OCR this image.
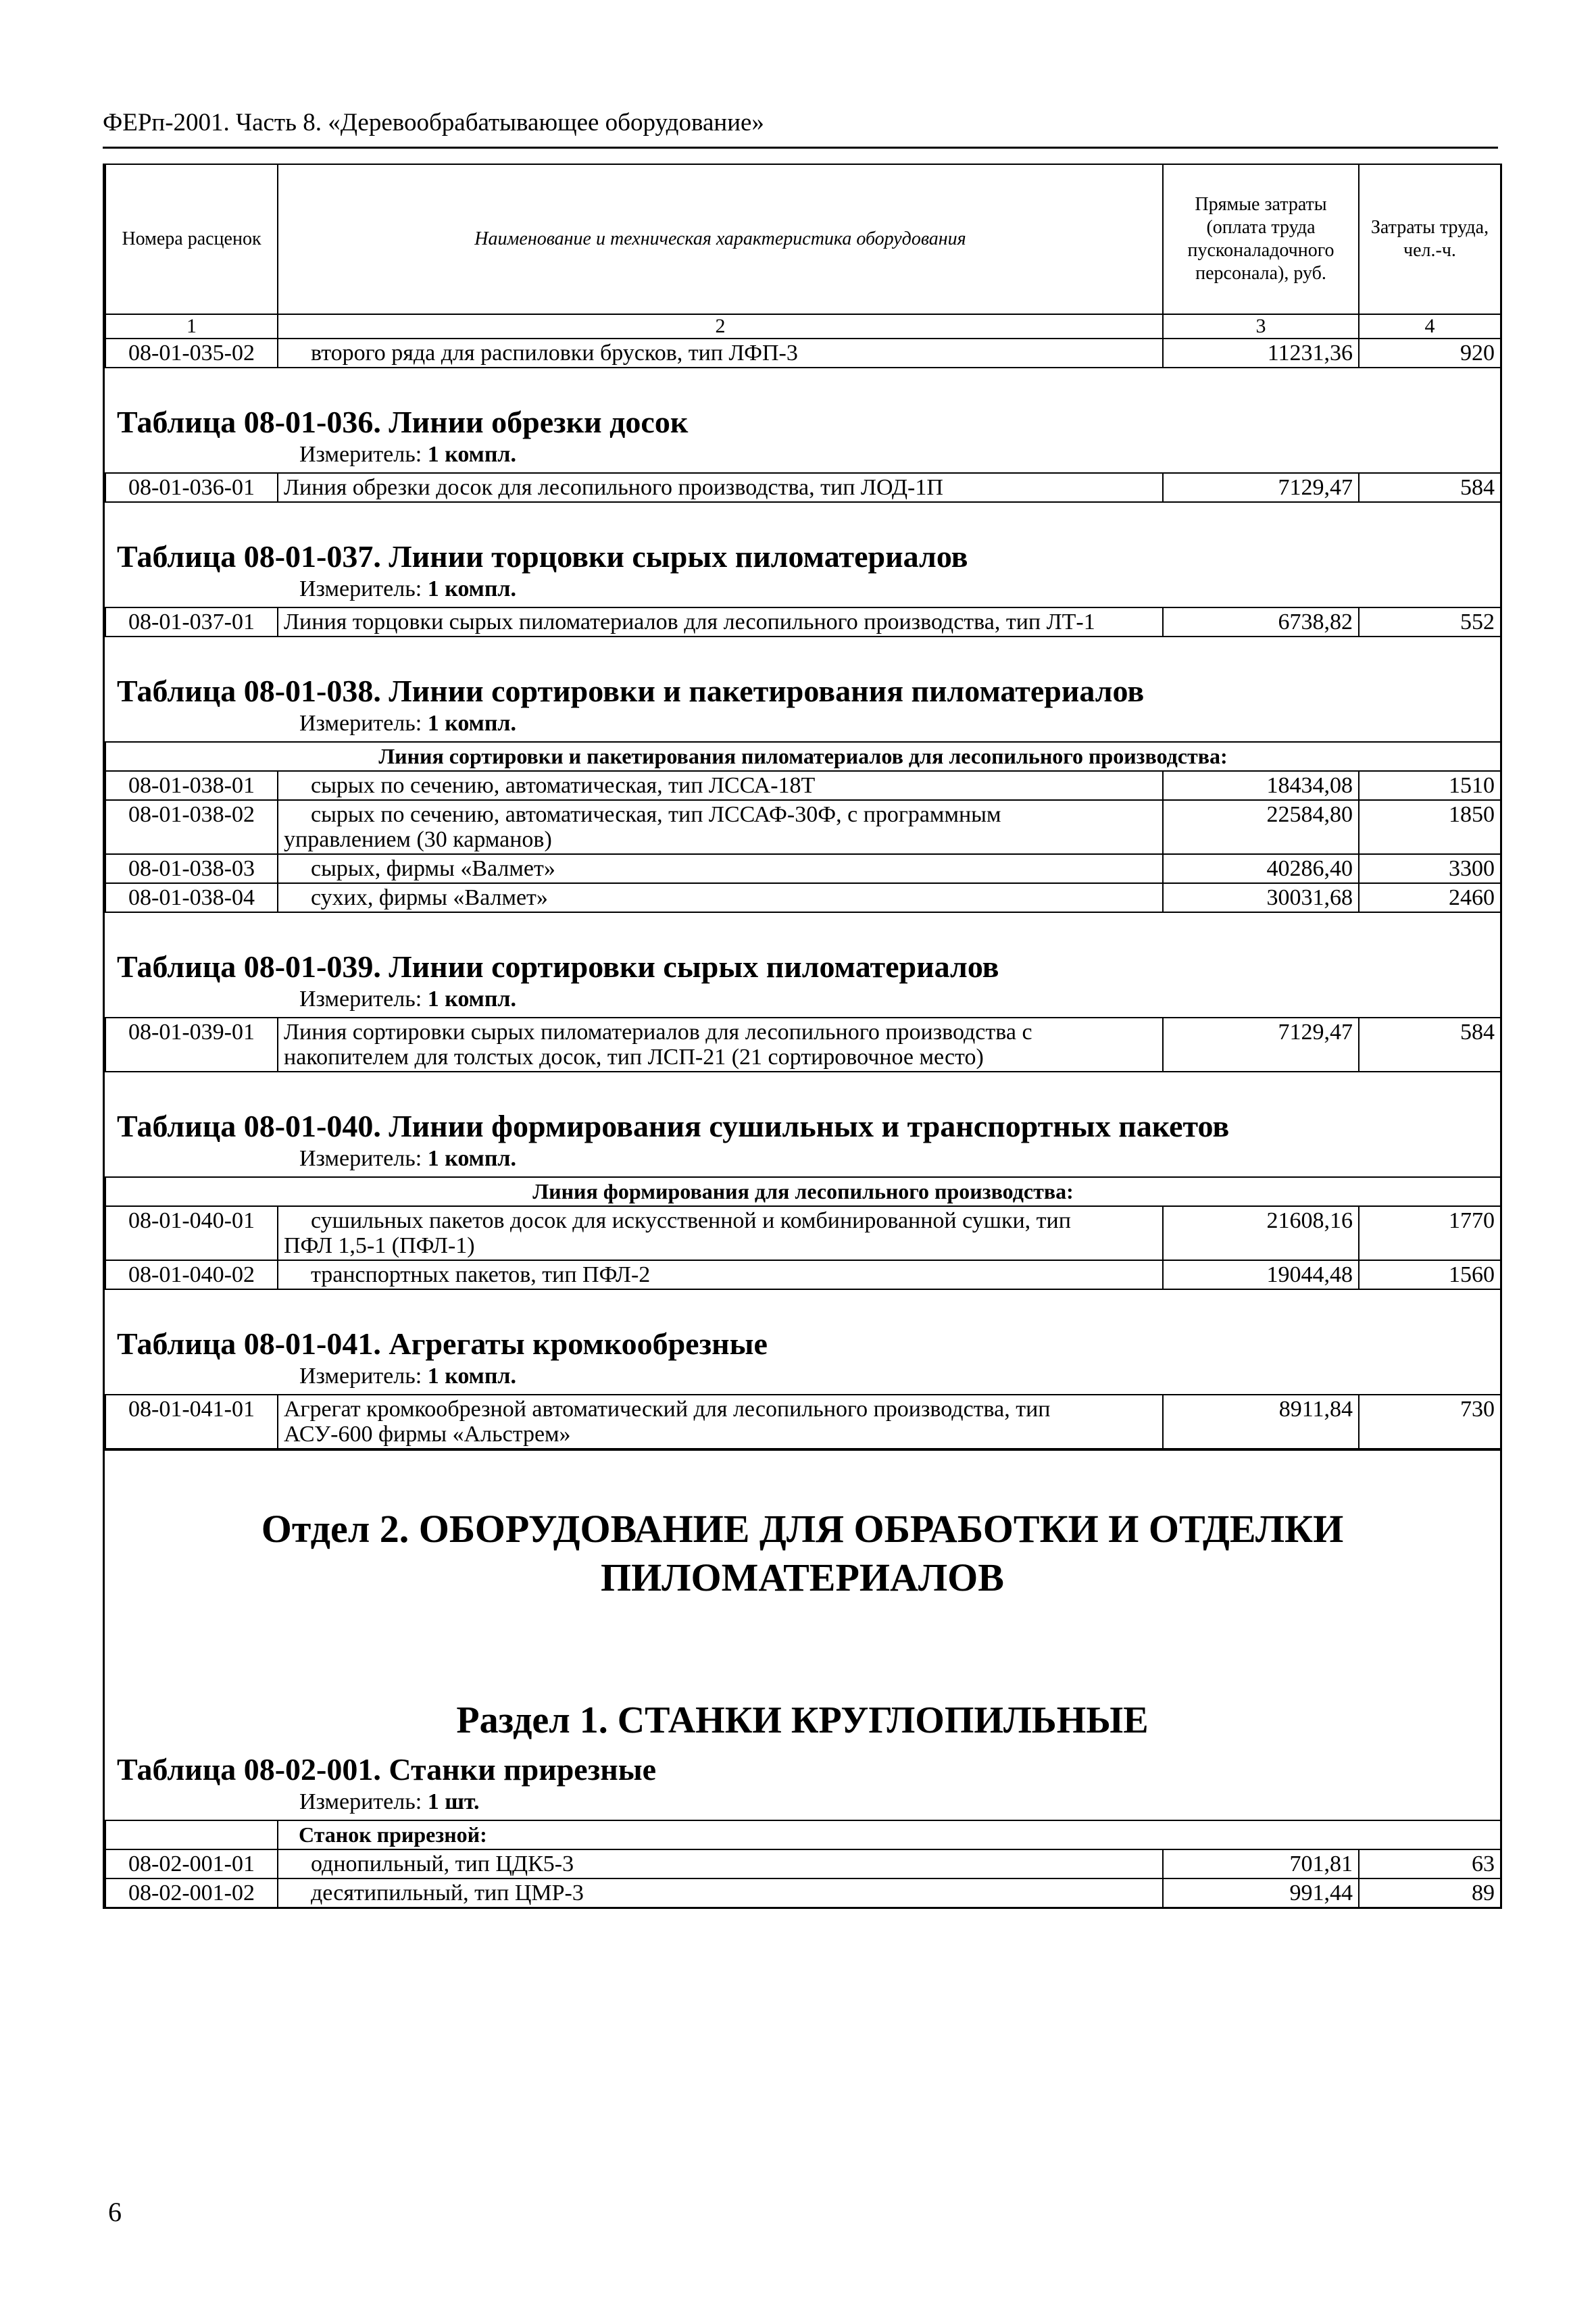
ФЕРп-2001. Часть 8. «Деревообрабатывающее оборудование»
Номера расценок	Наименование и техническая характеристика оборудования	Прямые затраты (оплата труда пусконаладочного персонала), руб.	Затраты труда, чел.-ч.
1	2	3	4
08-01-035-02	второго ряда для распиловки брусков, тип ЛФП-3	11231,36	920
Таблица 08-01-036. Линии обрезки досок
Измеритель: 1 компл.
08-01-036-01	Линия обрезки досок для лесопильного производства, тип ЛОД-1П	7129,47	584
Таблица 08-01-037. Линии торцовки сырых пиломатериалов
Измеритель: 1 компл.
08-01-037-01	Линия торцовки сырых пиломатериалов для лесопильного производства, тип ЛТ-1	6738,82	552
Таблица 08-01-038. Линии сортировки и пакетирования пиломатериалов
Измеритель: 1 компл.
Линия сортировки и пакетирования пиломатериалов для лесопильного производства:			
08-01-038-01	сырых по сечению, автоматическая, тип ЛССА-18Т	18434,08	1510
08-01-038-02	сырых по сечению, автоматическая, тип ЛССАФ-30Ф, с программным
управлением (30 карманов)	22584,80	1850
08-01-038-03	сырых, фирмы «Валмет»	40286,40	3300
08-01-038-04	сухих, фирмы «Валмет»	30031,68	2460
Таблица 08-01-039. Линии сортировки сырых пиломатериалов
Измеритель: 1 компл.
08-01-039-01	Линия сортировки сырых пиломатериалов для лесопильного производства с
накопителем для толстых досок, тип ЛСП-21 (21 сортировочное место)
	7129,47	584
Таблица 08-01-040. Линии формирования сушильных и транспортных пакетов
Измеритель: 1 компл.
Линия формирования для лесопильного производства:			
08-01-040-01	сушильных пакетов досок для искусственной и комбинированной сушки, тип
ПФЛ 1,5-1 (ПФЛ-1)	21608,16	1770
08-01-040-02	транспортных пакетов, тип ПФЛ-2	19044,48	1560
Таблица 08-01-041. Агрегаты кромкообрезные
Измеритель: 1 компл.
08-01-041-01	Агрегат кромкообрезной автоматический для лесопильного производства, тип
АСУ-600 фирмы «Альстрем»
	8911,84	730
Отдел 2. ОБОРУДОВАНИЕ ДЛЯ ОБРАБОТКИ И ОТДЕЛКИ
ПИЛОМАТЕРИАЛОВ
Раздел 1. СТАНКИ КРУГЛОПИЛЬНЫЕ
Таблица 08-02-001. Станки прирезные
Измеритель: 1 шт.
	Станок прирезной:		
08-02-001-01	однопильный, тип ЦДК5-3	701,81	63
08-02-001-02	десятипильный, тип ЦМР-3	991,44	89
6
